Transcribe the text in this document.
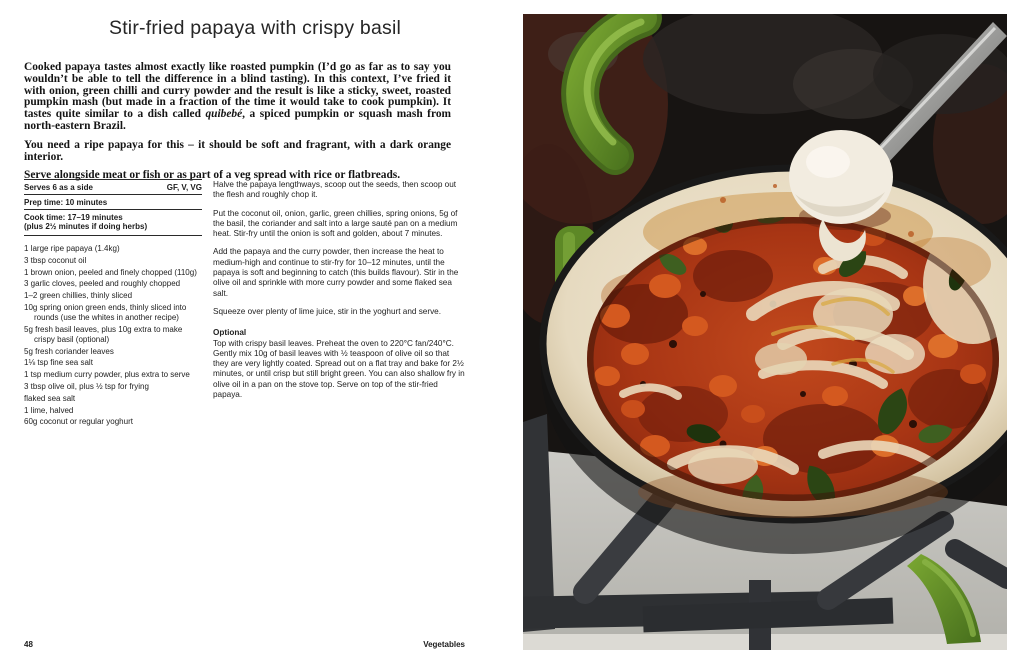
Stir-fried papaya with crispy basil

Cooked papaya tastes almost exactly like roasted pumpkin (I’d go as far as to say you wouldn’t be able to tell the difference in a blind tasting). In this context, I’ve fried it with onion, green chilli and curry powder and the result is like a sticky, sweet, roasted pumpkin mash (but made in a fraction of the time it would take to cook pumpkin). It tastes quite similar to a dish called quibebé, a spiced pumpkin or squash mash from north-eastern Brazil.

You need a ripe papaya for this – it should be soft and fragrant, with a dark orange interior.

Serve alongside meat or fish or as part of a veg spread with rice or flatbreads.

Serves 6 as a side	GF, V, VG
Prep time: 10 minutes
Cook time: 17–19 minutes
(plus 2½ minutes if doing herbs)
1 large ripe papaya (1.4kg)
3 tbsp coconut oil
1 brown onion, peeled and finely chopped (110g)
3 garlic cloves, peeled and roughly chopped
1–2 green chillies, thinly sliced
10g spring onion green ends, thinly sliced into rounds (use the whites in another recipe)
5g fresh basil leaves, plus 10g extra to make crispy basil (optional)
5g fresh coriander leaves
1⅛ tsp fine sea salt
1 tsp medium curry powder, plus extra to serve
3 tbsp olive oil, plus ½ tsp for frying
flaked sea salt
1 lime, halved
60g coconut or regular yoghurt

Halve the papaya lengthways, scoop out the seeds, then scoop out the flesh and roughly chop it.

Put the coconut oil, onion, garlic, green chillies, spring onions, 5g of the basil, the coriander and salt into a large sauté pan on a medium heat. Stir-fry until the onion is soft and golden, about 7 minutes.

Add the papaya and the curry powder, then increase the heat to medium-high and continue to stir-fry for 10–12 minutes, until the papaya is soft and beginning to catch (this builds flavour). Stir in the olive oil and sprinkle with more curry powder and some flaked sea salt.

Squeeze over plenty of lime juice, stir in the yoghurt and serve.

Optional
Top with crispy basil leaves. Preheat the oven to 220°C fan/240°C. Gently mix 10g of basil leaves with ½ teaspoon of olive oil so that they are very lightly coated. Spread out on a flat tray and bake for 2½ minutes, or until crisp but still bright green. You can also shallow fry in olive oil in a pan on the stove top. Serve on top of the stir-fried papaya.
48	Vegetables
